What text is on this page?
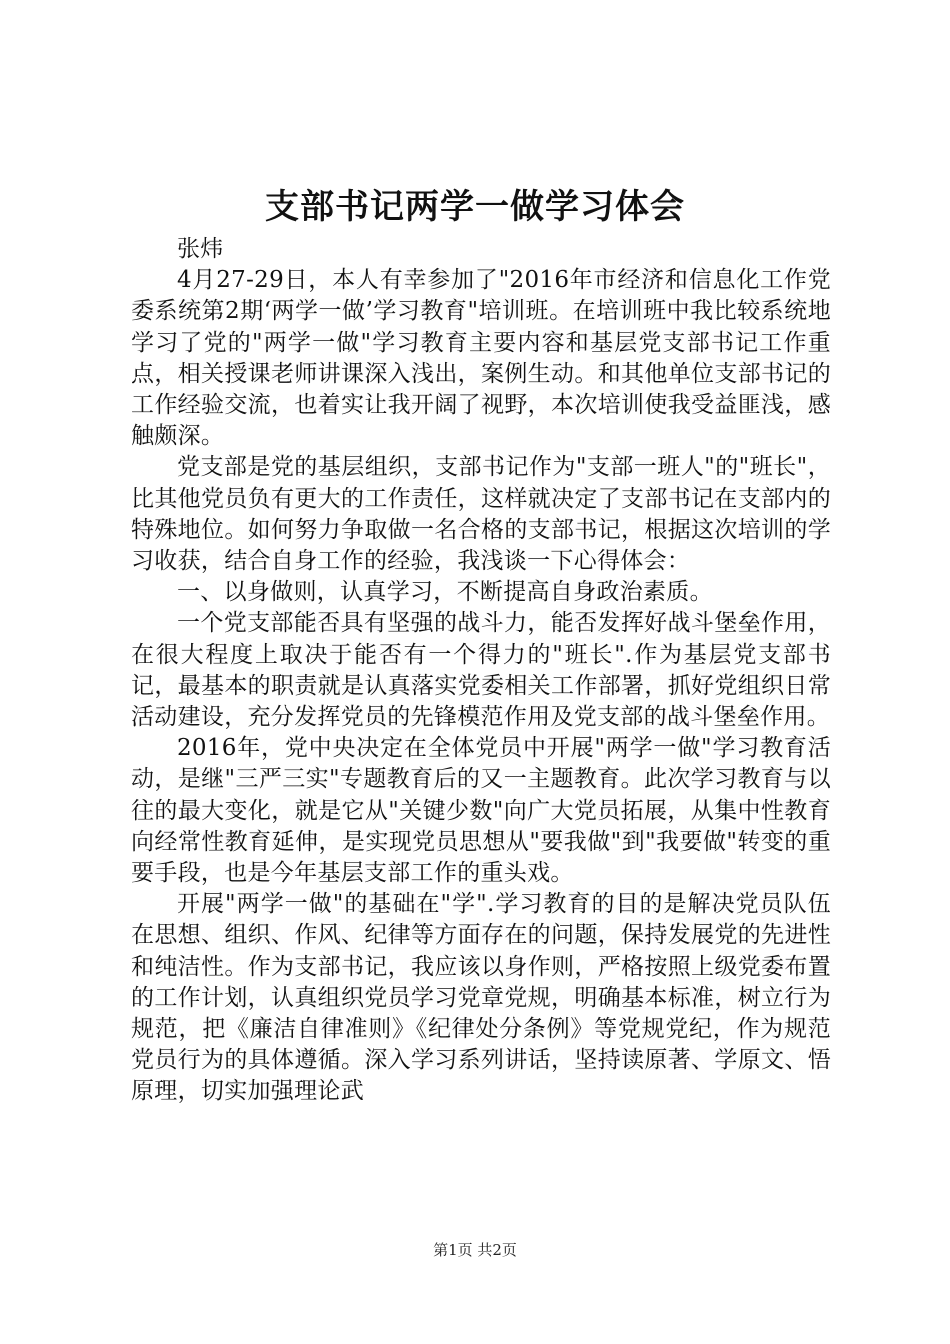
支部书记两学一做学习体会

张炜

4月27-29日，本人有幸参加了"2016年市经济和信息化工作党委系统第2期‘两学一做’学习教育"培训班。在培训班中我比较系统地学习了党的"两学一做"学习教育主要内容和基层党支部书记工作重点，相关授课老师讲课深入浅出，案例生动。和其他单位支部书记的工作经验交流，也着实让我开阔了视野，本次培训使我受益匪浅，感触颇深。

党支部是党的基层组织，支部书记作为"支部一班人"的"班长"，比其他党员负有更大的工作责任，这样就决定了支部书记在支部内的特殊地位。如何努力争取做一名合格的支部书记，根据这次培训的学习收获，结合自身工作的经验，我浅谈一下心得体会：

一、以身做则，认真学习，不断提高自身政治素质。

一个党支部能否具有坚强的战斗力，能否发挥好战斗堡垒作用，在很大程度上取决于能否有一个得力的"班长".作为基层党支部书记，最基本的职责就是认真落实党委相关工作部署，抓好党组织日常活动建设，充分发挥党员的先锋模范作用及党支部的战斗堡垒作用。

2016年，党中央决定在全体党员中开展"两学一做"学习教育活动，是继"三严三实"专题教育后的又一主题教育。此次学习教育与以往的最大变化，就是它从"关键少数"向广大党员拓展，从集中性教育向经常性教育延伸，是实现党员思想从"要我做"到"我要做"转变的重要手段，也是今年基层支部工作的重头戏。

开展"两学一做"的基础在"学".学习教育的目的是解决党员队伍在思想、组织、作风、纪律等方面存在的问题，保持发展党的先进性和纯洁性。作为支部书记，我应该以身作则，严格按照上级党委布置的工作计划，认真组织党员学习党章党规，明确基本标准，树立行为规范，把《廉洁自律准则》《纪律处分条例》等党规党纪，作为规范党员行为的具体遵循。深入学习系列讲话，坚持读原著、学原文、悟原理，切实加强理论武

第1页 共2页
